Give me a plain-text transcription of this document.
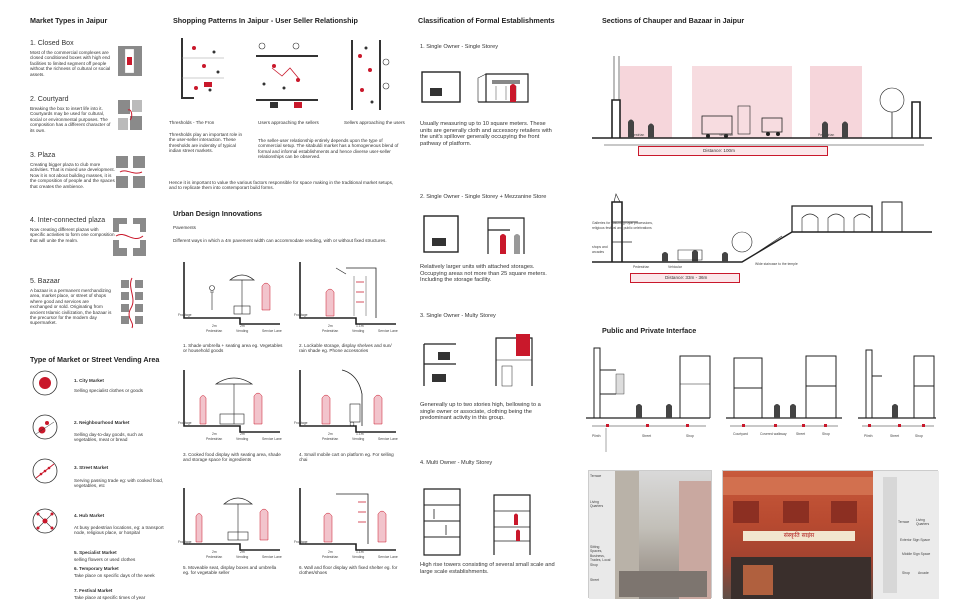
Market Types in Jaipur
1. Closed Box
Most of the commercial complexes are closed conditioned boxes with high end facilities to limited segment off people without the richness of cultural or social assets.
2. Courtyard
Breaking the box to insert life into it. Courtyards may be used for cultural, social or environmental purposes. The composition has a different character of its own.
3. Plaza
Creating bigger plaza to club more activities. That is mixed use development. Now it is not about building masses, it is the composition of people and the spaces that creates the ambience.
4. Inter-connected plaza
Now creating different plazas with specific activities to form one composition that will unite the realm.
5. Bazaar
A bazaar is a permanent merchandizing area, market place, or street of shops where good and services are exchanged or sold. Originating from ancient Islamic civilization, the bazaar is the precursor for the modern day supermarket.
Type of Market or Street Vending Area
1. City Market
Selling specialist clothes or goods
2. Neighbourhood Market
Selling day-to-day goods, such as vegetables, meat or bread
3. Street Market
Serving passing trade eg: with cooked food, vegetables, etc
4. Hub Market
At busy pedestrian locations, eg: a transport node, religious place, or hospital
5. Specialist Market
selling flowers or used clothes
6. Temporary Market
Take place on specific days of the week
7. Festival Market
Take place at specific times of year
Shopping Patterns In Jaipur - User Seller Relationship
Thresholds - The Fron	Users approaching the sellers	Sellers approaching the users
Thresholds play an important role in the user-seller interaction. These thresholds are indentity of typical indian street markets.
The seller-user relationship entirely depends upon the type of commercial setup. The sitabuldi market has a homogeneous blend of formal and informal establishments and hence diverse user-seller relationships can be observed.
Hence it is important to value the various factors responsible for space making in the traditional market setups, and to replicate them into contemporart build forms.
Urban Design Innovations
Pavements
Different ways in which a 4m pavement width can accommodate vending, with or without fixed structures.
Frontage
2m	2m
Pedestrian	Vending	Service Lane
1. Shade umbrella + seating area eg. Vegetables or household goods
Frontage
2m	1.1m
Pedestrian	Vending	Service Lane
2. Lockable storage, display shelves and sun/ rain shade eg. Phone accessories
Frontage
2m	2m
Pedestrian	Vending	Service Lane
3. Cooked food display with seating area, shade and storage space for ingredients
Frontage
2m	1.1m
Pedestrian	Vending	Service Lane
4. Small mobile cart on platform eg. For selling chai
Frontage
2m	2m
Pedestrian	Vending	Service Lane
5. Moveable seat, display boxes and umbrella eg. for vegetable seller
Frontage
2m	1.1m
Pedestrian	Vending	Service Lane
6. Wall and floor display with fixed shelter eg. for clothes/shoes
Classification of Formal Establishments
1. Single Owner - Single Storey
Usually measuring up to 10 square meters. These units are generally cloth and accessory retailers with the unit's spillover generally occupying the front pathway of platform.
2. Single Owner - Single Storey + Mezzanine Store
Relatively larger units with attached storages. Occupying areas not more than 25 square meters. Including the storage facility.
3. Single Owner - Multy Storey
Genereally up to two stories high, bellowing to a single owner or associate, clothing being the predominant activity in this group.
4. Multi Owner - Multy Storey
High rise towers consisting of several small scale and large scale establishments.
Sections of Chauper and Bazaar in Jaipur
Pedestrian	Vehicular	Pedestrian
Distance: 100m
Galleries for watching royal processions, religious festival and public celebrations
shops and arcades
Pedestrian	Vehicular
Wide staircase to the temple
Distance: 33m - 36m
Public and Private Interface
Plinth	Street	Shop	Courtyard	Covered walkway	Street	Shop	Plinth	Street	Shop
Terrace
Living Quarters
Sitting Spaces, Business, Trades, Local Shop
Street
संस्कृति साइंस
Terrace Living Quarters
Exterior Sign Space
Middle Sign Space
Shop Arcade
